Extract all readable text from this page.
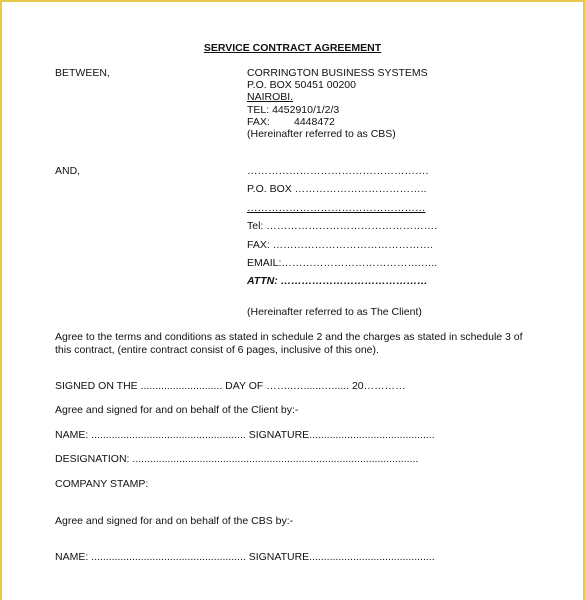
SERVICE CONTRACT AGREEMENT
BETWEEN,	CORRINGTON BUSINESS SYSTEMS
P.O. BOX 50451 00200
NAIROBI.
TEL: 4452910/1/2/3
FAX: 4448472
(Hereinafter referred to as CBS)
AND,	…………………………………………….
P.O. BOX ………………………………..
……………………………………………
Tel: ………………………………………….
FAX: ……………………………………….
EMAIL:………………………………….…..
ATTN: ……………………………………
(Hereinafter referred to as The Client)
Agree to the terms and conditions as stated in schedule 2 and the charges as stated in schedule 3 of this contract, (entire contract consist of 6 pages, inclusive of this one).
SIGNED ON THE ............................ DAY OF ……..…......…...... 20…………
Agree and signed for and on behalf of the Client by:-
NAME: ..................................................... SIGNATURE...........................................
DESIGNATION: ..................................................................................................
COMPANY STAMP:
Agree and signed for and on behalf of the CBS by:-
NAME: ..................................................... SIGNATURE...........................................
